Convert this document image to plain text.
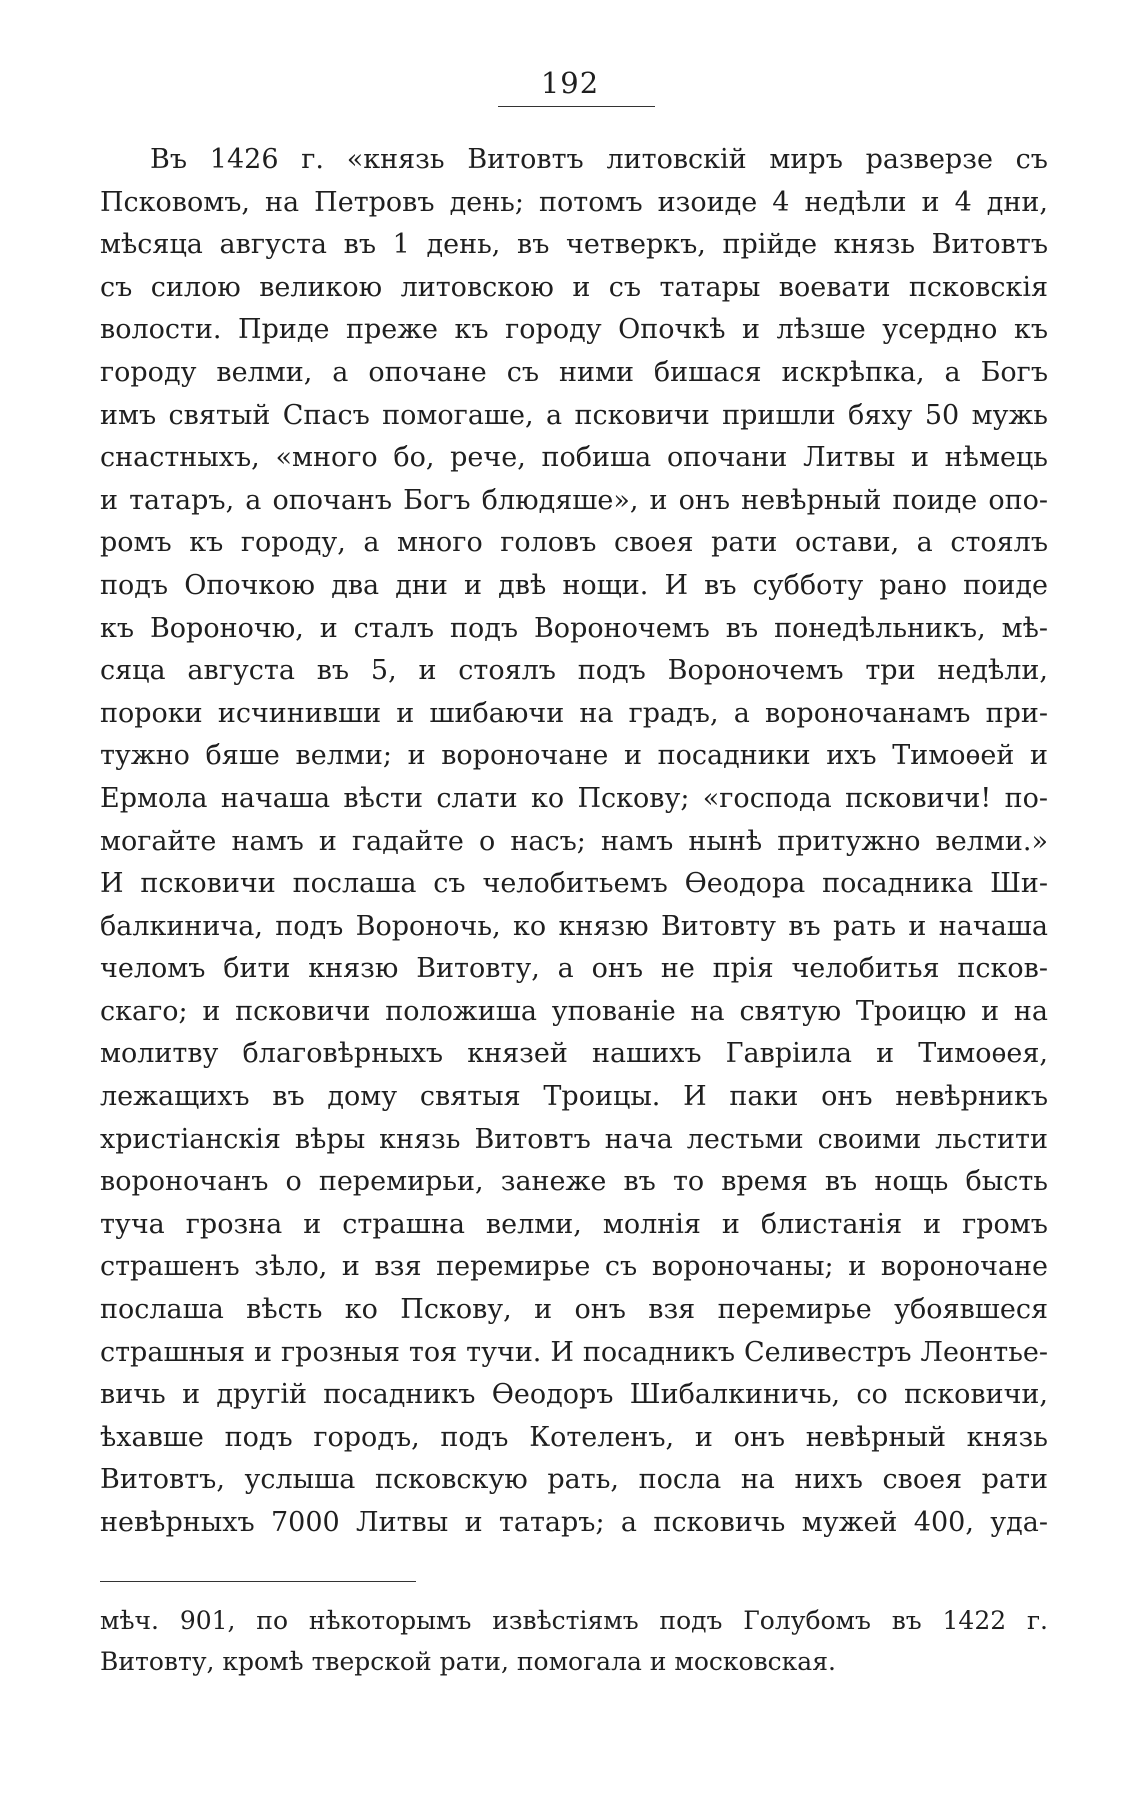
192
Въ 1426 г. «князь Витовтъ литовскій миръ разверзе съ
Псковомъ, на Петровъ день; потомъ изоиде 4 недѣли и 4 дни,
мѣсяца августа въ 1 день, въ четверкъ, прійде князь Витовтъ
съ силою великою литовскою и съ татары воевати псковскія
волости. Приде преже къ городу Опочкѣ и лѣзше усердно къ
городу велми, а опочане съ ними бишася искрѣпка, а Богъ
имъ святый Спасъ помогаше, а псковичи пришли бяху 50 мужь
снастныхъ, «много бо, рече, побиша опочани Литвы и нѣмець
и татаръ, а опочанъ Богъ блюдяше», и онъ невѣрный поиде опо-
ромъ къ городу, а много головъ своея рати остави, а стоялъ
подъ Опочкою два дни и двѣ нощи. И въ субботу рано поиде
къ Вороночю, и сталъ подъ Вороночемъ въ понедѣльникъ, мѣ-
сяца августа въ 5, и стоялъ подъ Вороночемъ три недѣли,
пороки исчинивши и шибаючи на градъ, а вороночанамъ при-
тужно бяше велми; и вороночане и посадники ихъ Тимоѳей и
Ермола начаша вѣсти слати ко Пскову; «господа псковичи! по-
могайте намъ и гадайте о насъ; намъ нынѣ притужно велми.»
И псковичи послаша съ челобитьемъ Ѳеодора посадника Ши-
балкинича, подъ Вороночь, ко князю Витовту въ рать и начаша
челомъ бити князю Витовту, а онъ не прія челобитья псков-
скаго; и псковичи положиша упованіе на святую Троицю и на
молитву благовѣрныхъ князей нашихъ Гавріила и Тимоѳея,
лежащихъ въ дому святыя Троицы. И паки онъ невѣрникъ
христіанскія вѣры князь Витовтъ нача лестьми своими льстити
вороночанъ о перемирьи, занеже въ то время въ нощь бысть
туча грозна и страшна велми, молнія и блистанія и громъ
страшенъ зѣло, и взя перемирье съ вороночаны; и вороночане
послаша вѣсть ко Пскову, и онъ взя перемирье убоявшеся
страшныя и грозныя тоя тучи. И посадникъ Селивестръ Леонтье-
вичь и другій посадникъ Ѳеодоръ Шибалкиничь, со псковичи,
ѣхавше подъ городъ, подъ Котеленъ, и онъ невѣрный князь
Витовтъ, услыша псковскую рать, посла на нихъ своея рати
невѣрныхъ 7000 Литвы и татаръ; а псковичь мужей 400, уда-
мѣч. 901, по нѣкоторымъ извѣстіямъ подъ Голубомъ въ 1422 г.
Витовту, кромѣ тверской рати, помогала и московская.
